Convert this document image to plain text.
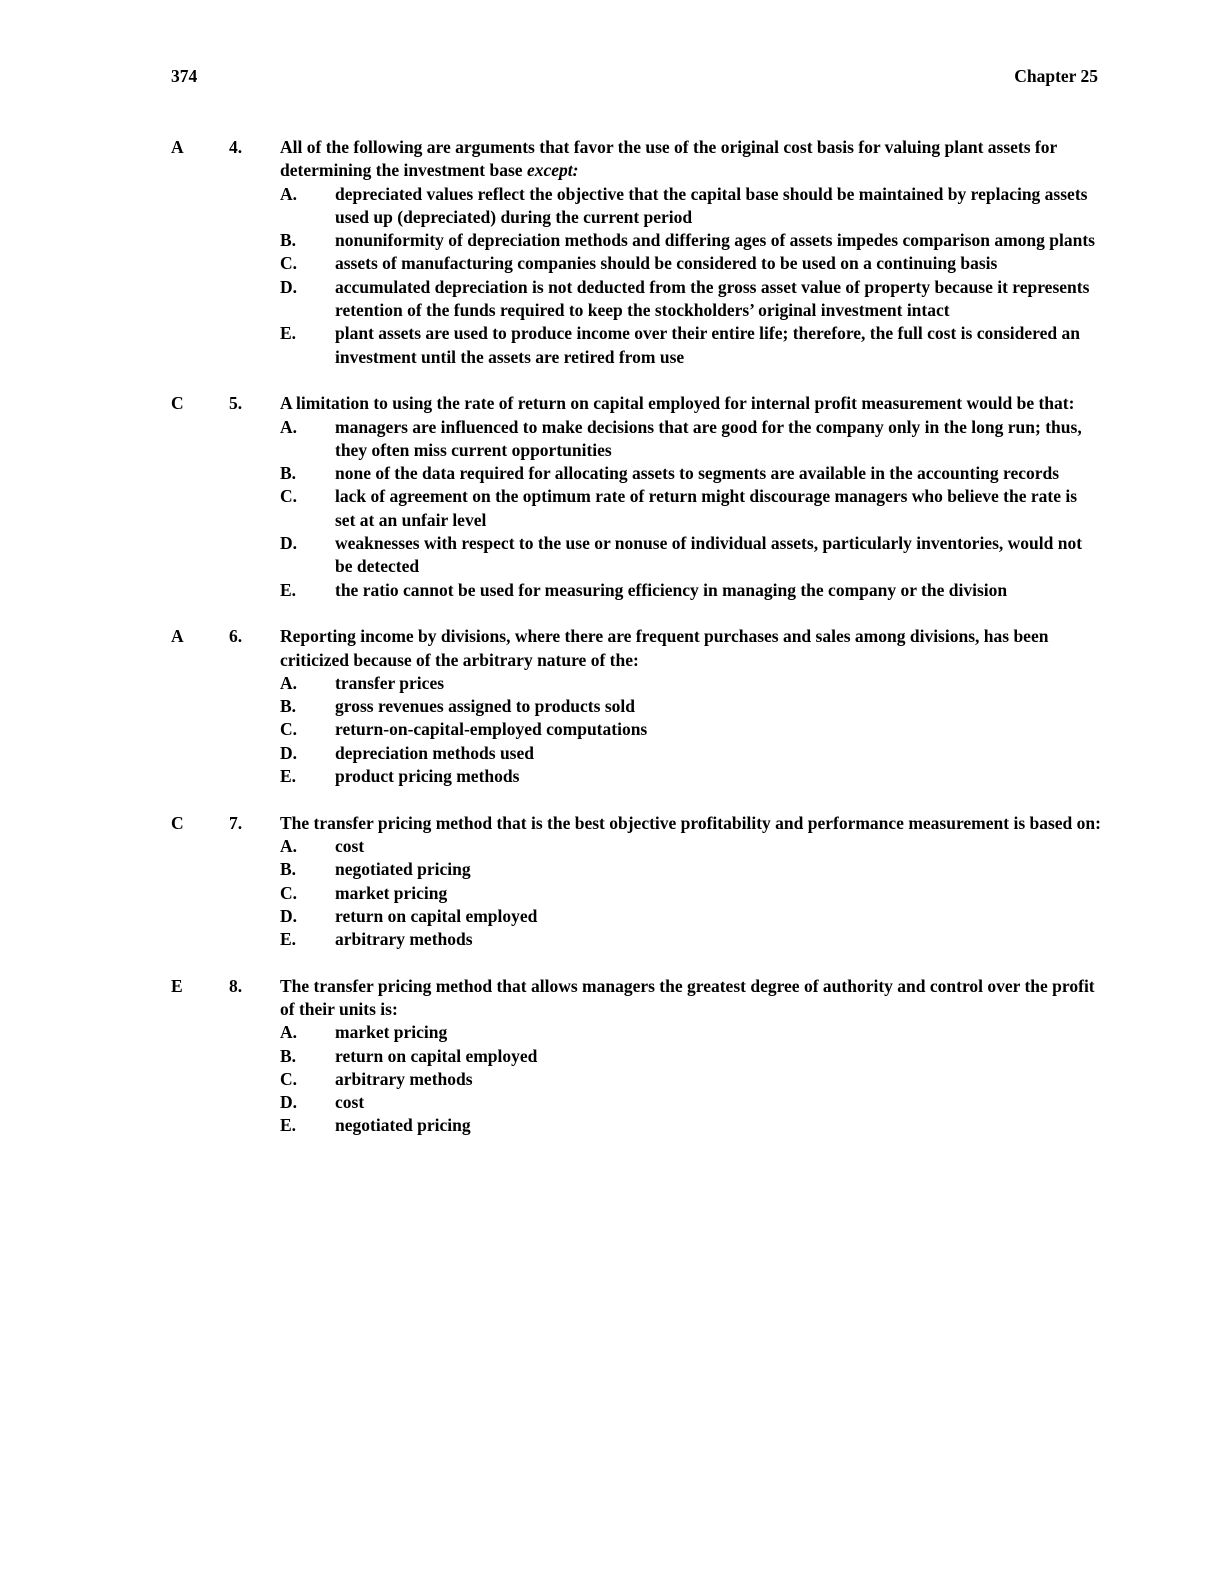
374	Chapter 25
A	4. All of the following are arguments that favor the use of the original cost basis for valuing plant assets for determining the investment base except:
A. depreciated values reflect the objective that the capital base should be maintained by replacing assets used up (depreciated) during the current period
B. nonuniformity of depreciation methods and differing ages of assets impedes comparison among plants
C. assets of manufacturing companies should be considered to be used on a continuing basis
D. accumulated depreciation is not deducted from the gross asset value of property because it represents retention of the funds required to keep the stockholders’ original investment intact
E. plant assets are used to produce income over their entire life; therefore, the full cost is considered an investment until the assets are retired from use
C	5. A limitation to using the rate of return on capital employed for internal profit measurement would be that:
A. managers are influenced to make decisions that are good for the company only in the long run; thus, they often miss current opportunities
B. none of the data required for allocating assets to segments are available in the accounting records
C. lack of agreement on the optimum rate of return might discourage managers who believe the rate is set at an unfair level
D. weaknesses with respect to the use or nonuse of individual assets, particularly inventories, would not be detected
E. the ratio cannot be used for measuring efficiency in managing the company or the division
A	6. Reporting income by divisions, where there are frequent purchases and sales among divisions, has been criticized because of the arbitrary nature of the:
A. transfer prices
B. gross revenues assigned to products sold
C. return-on-capital-employed computations
D. depreciation methods used
E. product pricing methods
C	7. The transfer pricing method that is the best objective profitability and performance measurement is based on:
A. cost
B. negotiated pricing
C. market pricing
D. return on capital employed
E. arbitrary methods
E	8. The transfer pricing method that allows managers the greatest degree of authority and control over the profit of their units is:
A. market pricing
B. return on capital employed
C. arbitrary methods
D. cost
E. negotiated pricing
